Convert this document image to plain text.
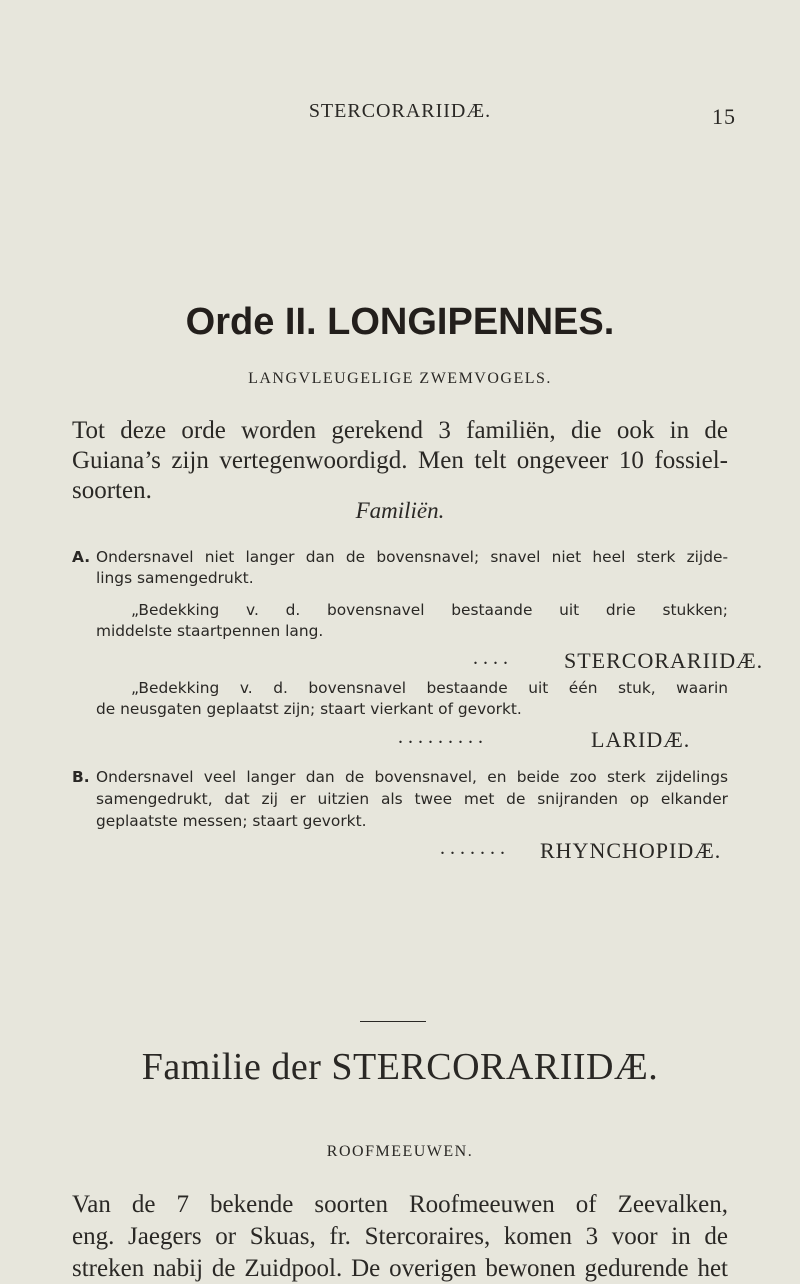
STERCORARIIDÆ.	15
Orde II. LONGIPENNES.
LANGVLEUGELIGE ZWEMVOGELS.
Tot deze orde worden gerekend 3 familiën, die ook in de
Guiana’s zijn vertegenwoordigd. Men telt ongeveer 10 fossiel-
soorten.
Familiën.
A. Ondersnavel niet langer dan de bovensnavel; snavel niet heel sterk zijde-
lings samengedrukt.
„Bedekking v. d. bovensnavel bestaande uit drie stukken;
middelste staartpennen lang.
. . . .	STERCORARIIDÆ.
„Bedekking v. d. bovensnavel bestaande uit één stuk, waarin
de neusgaten geplaatst zijn; staart vierkant of gevorkt.
. . . . . . . . .	LARIDÆ.
B. Ondersnavel veel langer dan de bovensnavel, en beide zoo sterk zijdelings
samengedrukt, dat zij er uitzien als twee met de snijranden op elkander
geplaatste messen; staart gevorkt.
. . . . . . . RHYNCHOPIDÆ.
Familie der STERCORARIIDÆ.
ROOFMEEUWEN.
Van de 7 bekende soorten Roofmeeuwen of Zeevalken,
eng. Jaegers or Skuas, fr. Stercoraires, komen 3 voor in de
streken nabij de Zuidpool. De overigen bewonen gedurende het
